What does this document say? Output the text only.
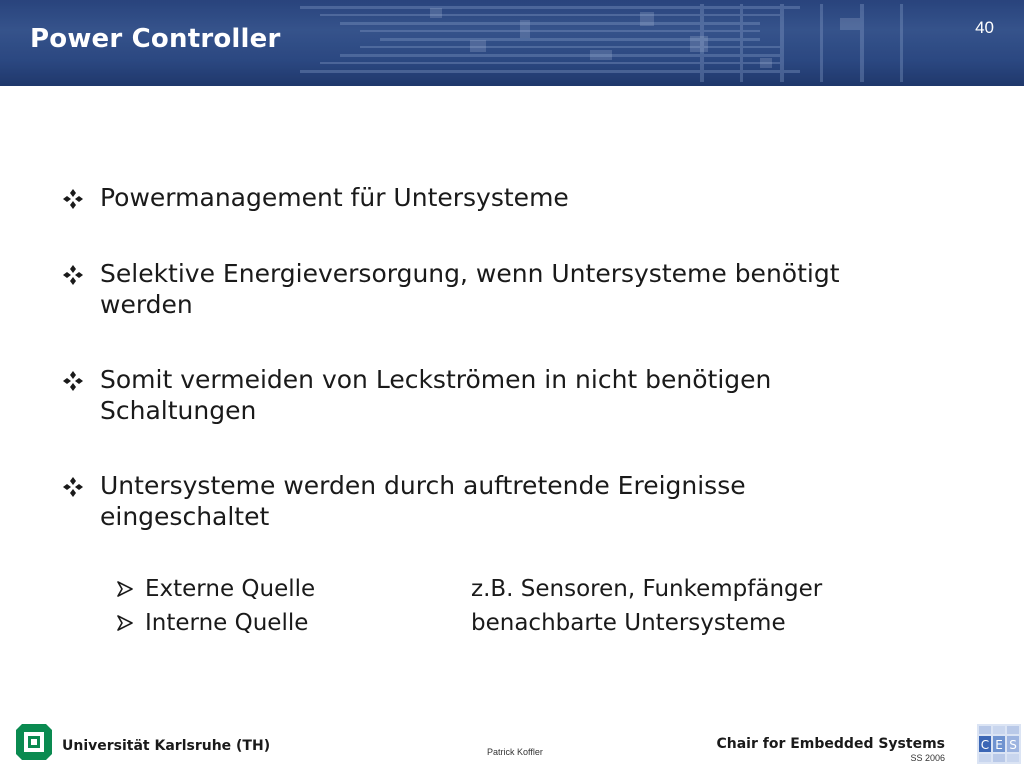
Power Controller	40
Powermanagement für Untersysteme
Selektive Energieversorgung, wenn Untersysteme benötigt
werden
Somit vermeiden von Leckströmen in nicht benötigen
Schaltungen
Untersysteme werden durch auftretende Ereignisse
eingeschaltet
Externe Quelle	z.B. Sensoren, Funkempfänger
Interne Quelle	benachbarte Untersysteme
Universität Karlsruhe (TH)	Patrick Koffler	Chair for Embedded Systems
SS 2006
C E S
